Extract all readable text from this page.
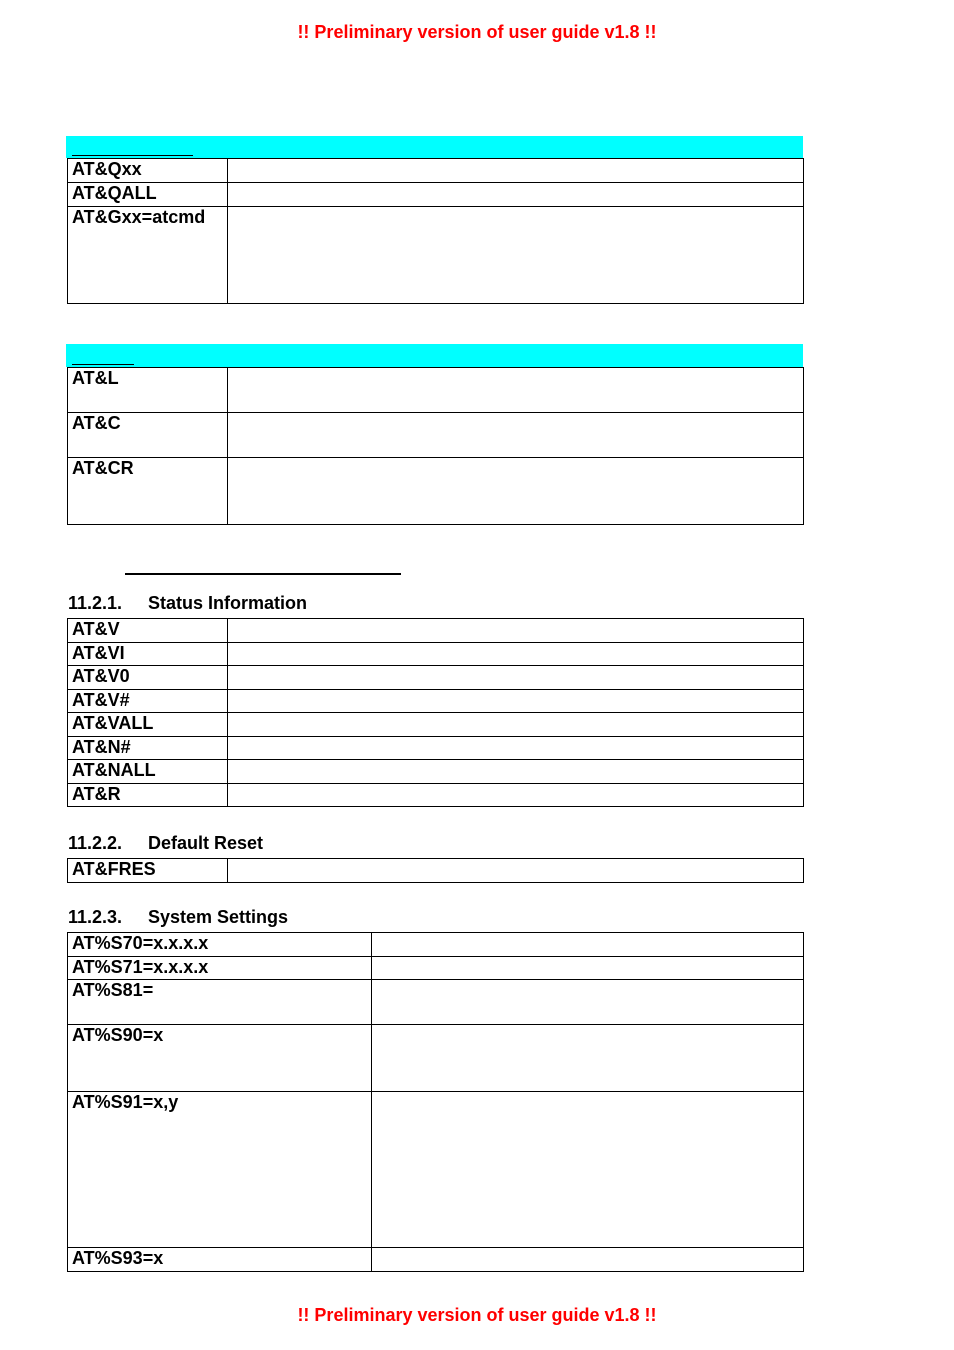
!! Preliminary version of user guide v1.8 !!
AT&Qxx	
AT&QALL	
AT&Gxx=atcmd	
AT&L	
AT&C	
AT&CR	
11.2.1. Status Information
AT&V	
AT&VI	
AT&V0	
AT&V#	
AT&VALL	
AT&N#	
AT&NALL	
AT&R	
11.2.2. Default Reset
AT&FRES	
11.2.3. System Settings
AT%S70=x.x.x.x	
AT%S71=x.x.x.x	
AT%S81=	
AT%S90=x	
AT%S91=x,y	
AT%S93=x	
!! Preliminary version of user guide v1.8 !!
